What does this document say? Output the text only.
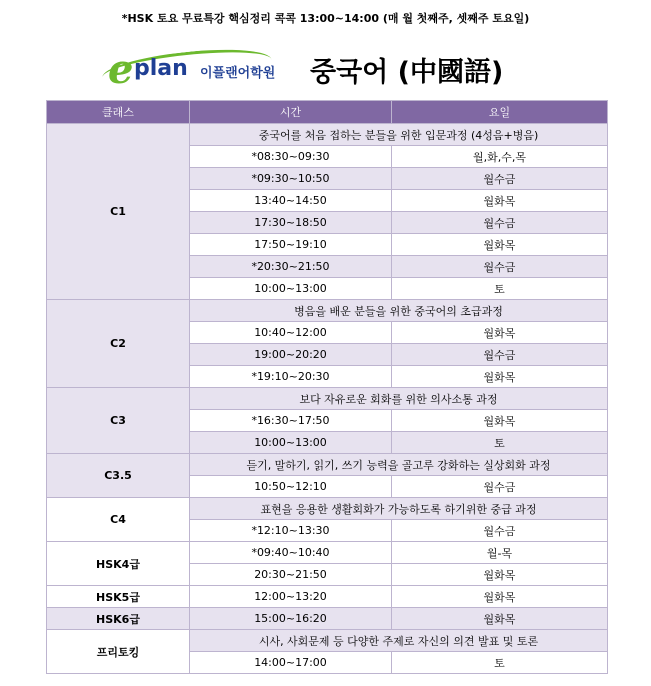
*HSK 토요 무료특강 핵심정리 콕콕 13:00~14:00 (매 월 첫째주, 셋째주 토요일)
e plan 이플랜어학원 중국어 (中國語)
클래스	시간	요일
C1	중국어를 처음 접하는 분들을 위한 입문과정 (4성음+병음)	
	*08:30~09:30	월,화,수,목
	*09:30~10:50	월수금
	13:40~14:50	월화목
	17:30~18:50	월수금
	17:50~19:10	월화목
	*20:30~21:50	월수금
	10:00~13:00	토
C2	병음을 배운 분들을 위한 중국어의 초급과정	
	10:40~12:00	월화목
	19:00~20:20	월수금
	*19:10~20:30	월화목
C3	보다 자유로운 회화를 위한 의사소통 과정	
	*16:30~17:50	월화목
	10:00~13:00	토
C3.5	듣기, 말하기, 읽기, 쓰기 능력을 골고루 강화하는 실상회화 과정	
	10:50~12:10	월수금
C4	표현을 응용한 생활회화가 가능하도록 하기위한 중급 과정	
	*12:10~13:30	월수금
HSK4급	*09:40~10:40	월-목
	20:30~21:50	월화목
HSK5급	12:00~13:20	월화목
HSK6급	15:00~16:20	월화목
프리토킹	시사, 사회문제 등 다양한 주제로 자신의 의견 발표 및 토론	
	14:00~17:00	토
